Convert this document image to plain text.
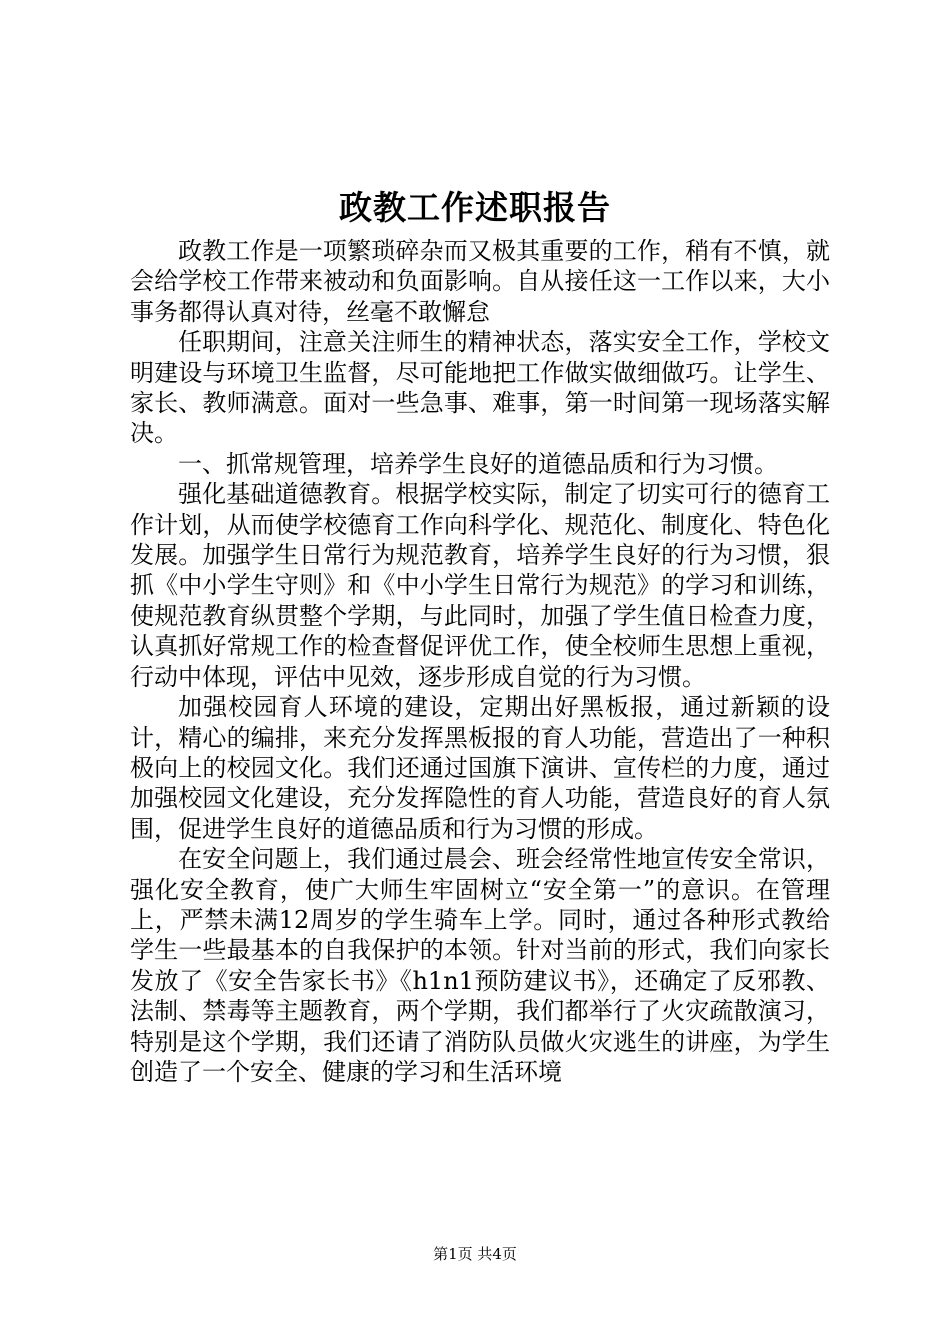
政教工作述职报告

政教工作是一项繁琐碎杂而又极其重要的工作，稍有不慎，就会给学校工作带来被动和负面影响。自从接任这一工作以来，大小事务都得认真对待，丝毫不敢懈怠

任职期间，注意关注师生的精神状态，落实安全工作，学校文明建设与环境卫生监督，尽可能地把工作做实做细做巧。让学生、家长、教师满意。面对一些急事、难事，第一时间第一现场落实解决。

一、抓常规管理，培养学生良好的道德品质和行为习惯。

强化基础道德教育。根据学校实际，制定了切实可行的德育工作计划，从而使学校德育工作向科学化、规范化、制度化、特色化发展。加强学生日常行为规范教育，培养学生良好的行为习惯，狠抓《中小学生守则》和《中小学生日常行为规范》的学习和训练，使规范教育纵贯整个学期，与此同时，加强了学生值日检查力度，认真抓好常规工作的检查督促评优工作，使全校师生思想上重视，行动中体现，评估中见效，逐步形成自觉的行为习惯。

加强校园育人环境的建设，定期出好黑板报，通过新颖的设计，精心的编排，来充分发挥黑板报的育人功能，营造出了一种积极向上的校园文化。我们还通过国旗下演讲、宣传栏的力度，通过加强校园文化建设，充分发挥隐性的育人功能，营造良好的育人氛围，促进学生良好的道德品质和行为习惯的形成。

在安全问题上，我们通过晨会、班会经常性地宣传安全常识，强化安全教育，使广大师生牢固树立“安全第一”的意识。在管理上，严禁未满12周岁的学生骑车上学。同时，通过各种形式教给学生一些最基本的自我保护的本领。针对当前的形式，我们向家长发放了《安全告家长书》《h1n1预防建议书》，还确定了反邪教、法制、禁毒等主题教育，两个学期，我们都举行了火灾疏散演习，特别是这个学期，我们还请了消防队员做火灾逃生的讲座，为学生创造了一个安全、健康的学习和生活环境

第1页 共4页
